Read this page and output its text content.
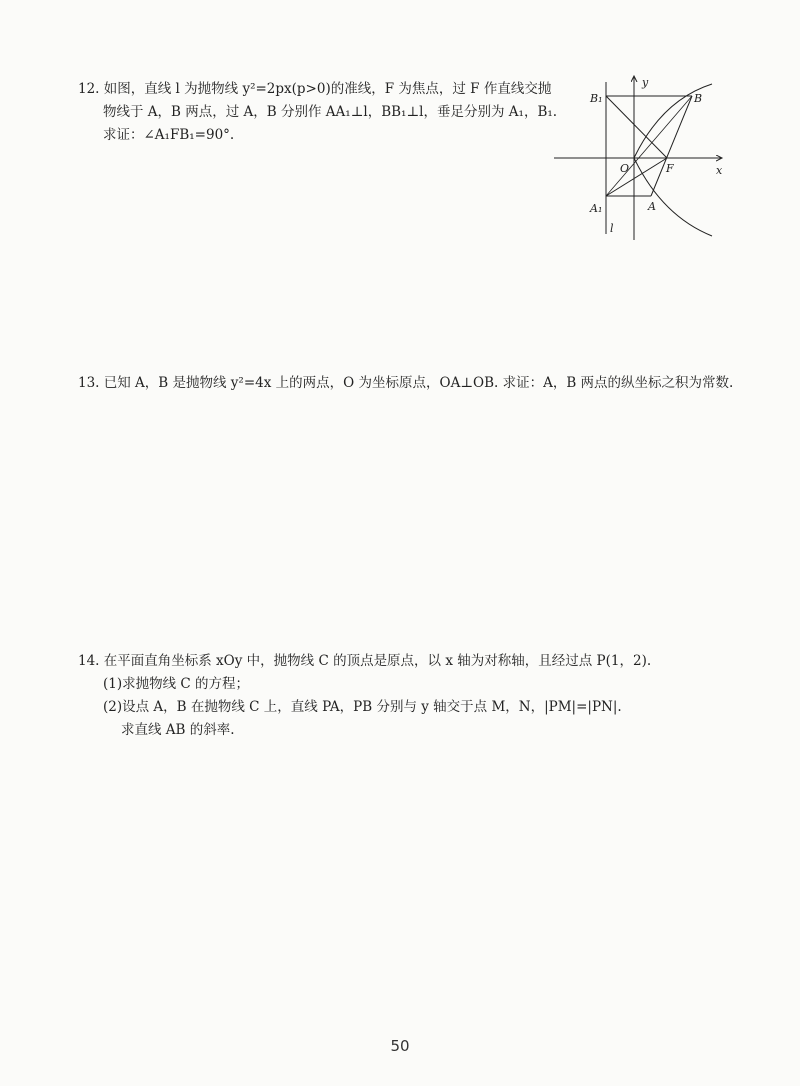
12. 如图，直线 l 为抛物线 y²=2px(p>0)的准线，F 为焦点，过 F 作直线交抛
物线于 A，B 两点，过 A，B 分别作 AA₁⊥l，BB₁⊥l，垂足分别为 A₁，B₁.
求证：∠A₁FB₁=90°.
y
x
O	F
A
B
B₁
A₁
l
13. 已知 A，B 是抛物线 y²=4x 上的两点，O 为坐标原点，OA⊥OB. 求证：A，B 两点的纵坐标之积为常数.
14. 在平面直角坐标系 xOy 中，抛物线 C 的顶点是原点，以 x 轴为对称轴，且经过点 P(1，2).
(1)求抛物线 C 的方程；
(2)设点 A，B 在抛物线 C 上，直线 PA，PB 分别与 y 轴交于点 M，N，|PM|=|PN|.
求直线 AB 的斜率.
50
